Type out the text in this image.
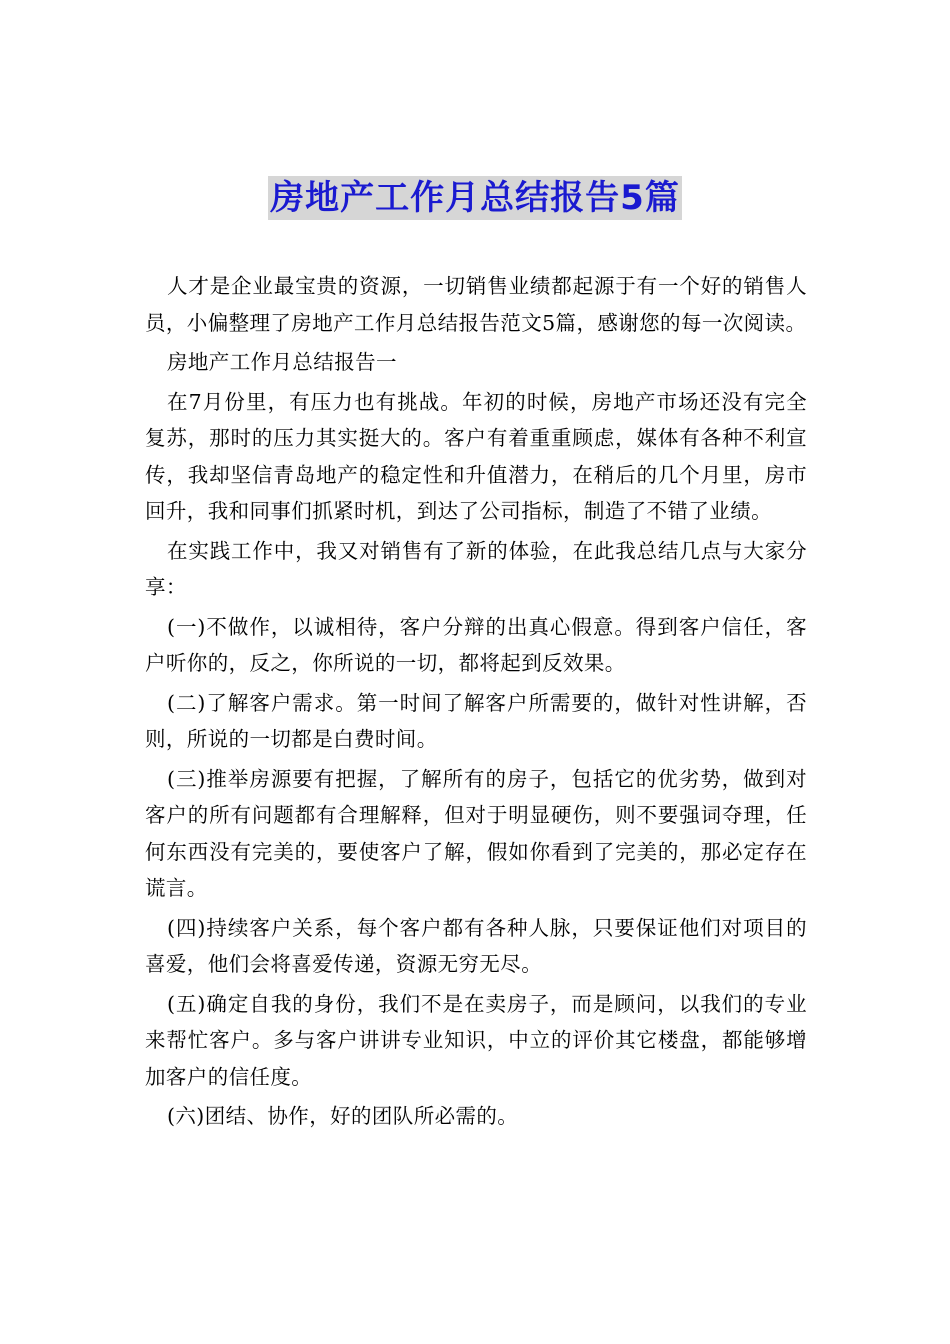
房地产工作月总结报告5篇

人才是企业最宝贵的资源，一切销售业绩都起源于有一个好的销售人员，小偏整理了房地产工作月总结报告范文5篇，感谢您的每一次阅读。

房地产工作月总结报告一

在7月份里，有压力也有挑战。年初的时候，房地产市场还没有完全复苏，那时的压力其实挺大的。客户有着重重顾虑，媒体有各种不利宣传，我却坚信青岛地产的稳定性和升值潜力，在稍后的几个月里，房市回升，我和同事们抓紧时机，到达了公司指标，制造了不错了业绩。

在实践工作中，我又对销售有了新的体验，在此我总结几点与大家分享：

(一)不做作，以诚相待，客户分辩的出真心假意。得到客户信任，客户听你的，反之，你所说的一切，都将起到反效果。

(二)了解客户需求。第一时间了解客户所需要的，做针对性讲解，否则，所说的一切都是白费时间。

(三)推举房源要有把握，了解所有的房子，包括它的优劣势，做到对客户的所有问题都有合理解释，但对于明显硬伤，则不要强词夺理，任何东西没有完美的，要使客户了解，假如你看到了完美的，那必定存在谎言。

(四)持续客户关系，每个客户都有各种人脉，只要保证他们对项目的喜爱，他们会将喜爱传递，资源无穷无尽。

(五)确定自我的身份，我们不是在卖房子，而是顾问，以我们的专业来帮忙客户。多与客户讲讲专业知识，中立的评价其它楼盘，都能够增加客户的信任度。

(六)团结、协作，好的团队所必需的。
